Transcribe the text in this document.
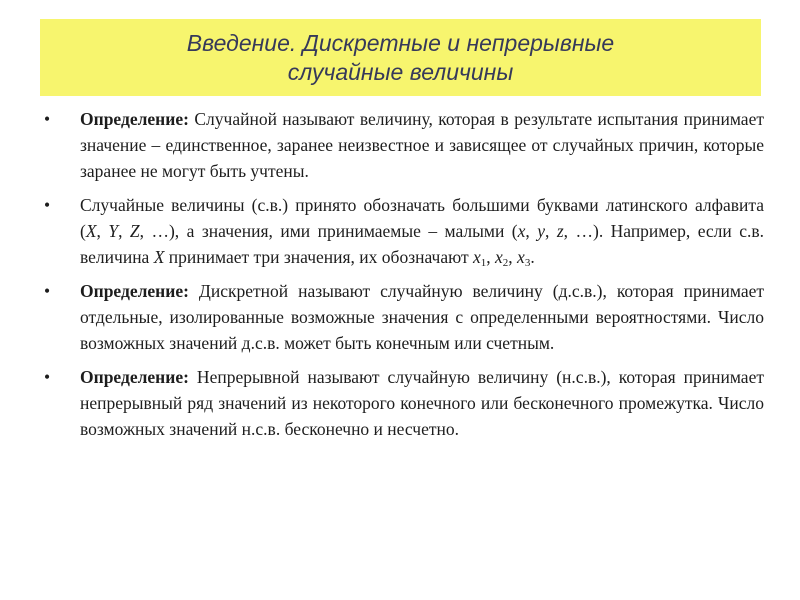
Введение. Дискретные и непрерывные
случайные величины
• Определение: Случайной называют величину, которая в результате испытания принимает значение – единственное, заранее неизвестное и зависящее от случайных причин, которые заранее не могут быть учтены.
• Случайные величины (с.в.) принято обозначать большими буквами латинского алфавита (X, Y, Z, …), а значения, ими принимаемые – малыми (x, y, z, …). Например, если с.в. величина X принимает три значения, их обозначают $x_1$, $x_2$, $x_3$.
• Определение: Дискретной называют случайную величину (д.с.в.), которая принимает отдельные, изолированные возможные значения с определенными вероятностями. Число возможных значений д.с.в. может быть конечным или счетным.
• Определение: Непрерывной называют случайную величину (н.с.в.), которая принимает непрерывный ряд значений из некоторого конечного или бесконечного промежутка. Число возможных значений н.с.в. бесконечно и несчетно.
